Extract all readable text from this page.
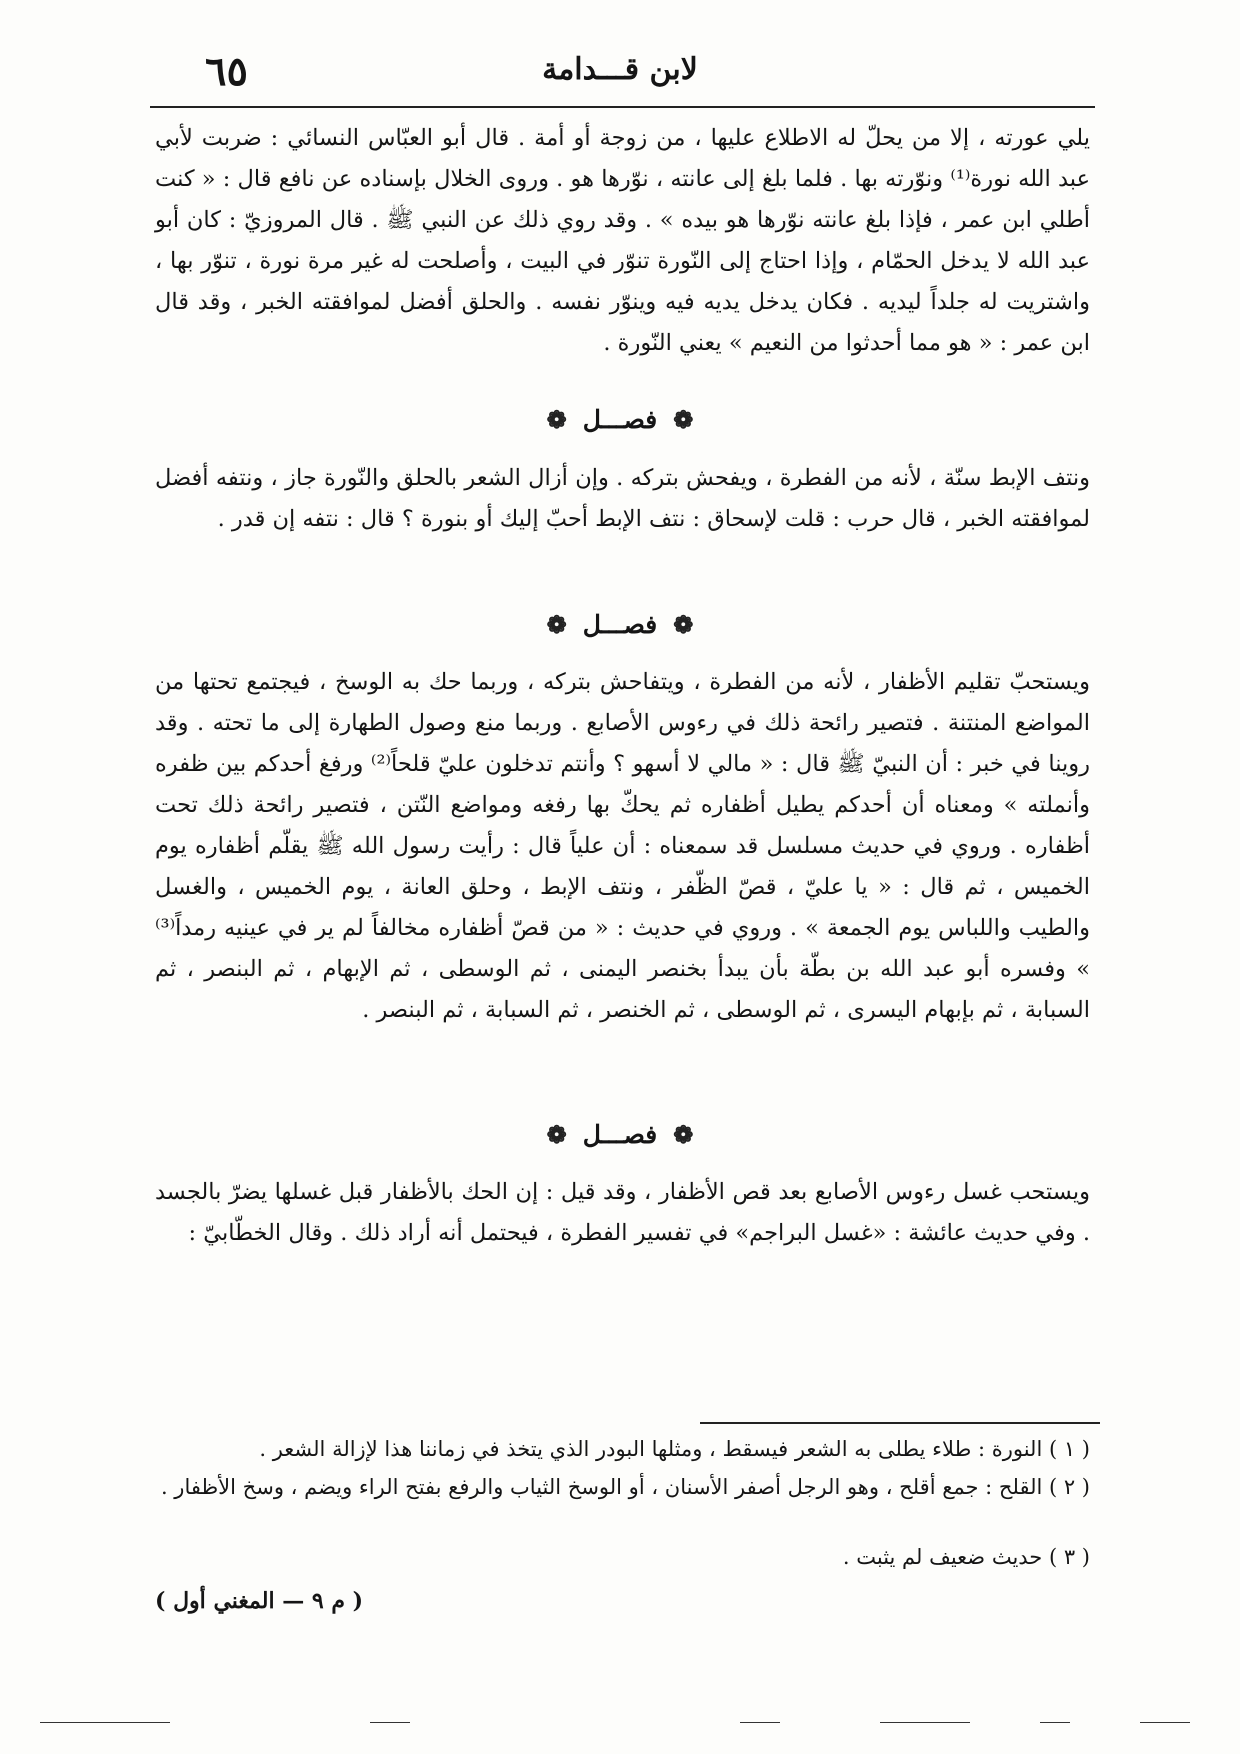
٦٥	لابن قـــدامة

يلي عورته ، إلا من يحلّ له الاطلاع عليها ، من زوجة أو أمة . قال أبو العبّاس النسائي : ضربت لأبي عبد الله نورة⁽¹⁾ ونوّرته بها . فلما بلغ إلى عانته ، نوّرها هو . وروى الخلال بإسناده عن نافع قال : « كنت أطلي ابن عمر ، فإذا بلغ عانته نوّرها هو بيده » . وقد روي ذلك عن النبي ﷺ . قال المروزيّ : كان أبو عبد الله لا يدخل الحمّام ، وإذا احتاج إلى النّورة تنوّر في البيت ، وأصلحت له غير مرة نورة ، تنوّر بها ، واشتريت له جلداً ليديه . فكان يدخل يديه فيه وينوّر نفسه . والحلق أفضل لموافقته الخبر ، وقد قال ابن عمر : « هو مما أحدثوا من النعيم » يعني النّورة .

❁فصـــل❁

ونتف الإبط سنّة ، لأنه من الفطرة ، ويفحش بتركه . وإن أزال الشعر بالحلق والنّورة جاز ، ونتفه أفضل لموافقته الخبر ، قال حرب : قلت لإسحاق : نتف الإبط أحبّ إليك أو بنورة ؟ قال : نتفه إن قدر .

❁فصـــل❁

ويستحبّ تقليم الأظفار ، لأنه من الفطرة ، ويتفاحش بتركه ، وربما حك به الوسخ ، فيجتمع تحتها من المواضع المنتنة . فتصير رائحة ذلك في رءوس الأصابع . وربما منع وصول الطهارة إلى ما تحته . وقد روينا في خبر : أن النبيّ ﷺ قال : « مالي لا أسهو ؟ وأنتم تدخلون عليّ قلحاً⁽²⁾ ورفغ أحدكم بين ظفره وأنملته » ومعناه أن أحدكم يطيل أظفاره ثم يحكّ بها رفغه ومواضع النّتن ، فتصير رائحة ذلك تحت أظفاره . وروي في حديث مسلسل قد سمعناه : أن علياً قال : رأيت رسول الله ﷺ يقلّم أظفاره يوم الخميس ، ثم قال : « يا عليّ ، قصّ الظّفر ، ونتف الإبط ، وحلق العانة ، يوم الخميس ، والغسل والطيب واللباس يوم الجمعة » . وروي في حديث : « من قصّ أظفاره مخالفاً لم ير في عينيه رمداً⁽³⁾ » وفسره أبو عبد الله بن بطّة بأن يبدأ بخنصر اليمنى ، ثم الوسطى ، ثم الإبهام ، ثم البنصر ، ثم السبابة ، ثم بإبهام اليسرى ، ثم الوسطى ، ثم الخنصر ، ثم السبابة ، ثم البنصر .

❁فصـــل❁

ويستحب غسل رءوس الأصابع بعد قص الأظفار ، وقد قيل : إن الحك بالأظفار قبل غسلها يضرّ بالجسد . وفي حديث عائشة : «غسل البراجم» في تفسير الفطرة ، فيحتمل أنه أراد ذلك . وقال الخطّابيّ :

( ١ ) النورة : طلاء يطلى به الشعر فيسقط ، ومثلها البودر الذي يتخذ في زماننا هذا لإزالة الشعر .

( ٢ ) القلح : جمع أقلح ، وهو الرجل أصفر الأسنان ، أو الوسخ الثياب والرفع بفتح الراء ويضم ، وسخ الأظفار .

( ٣ ) حديث ضعيف لم يثبت .

( م ٩ — المغني أول )
